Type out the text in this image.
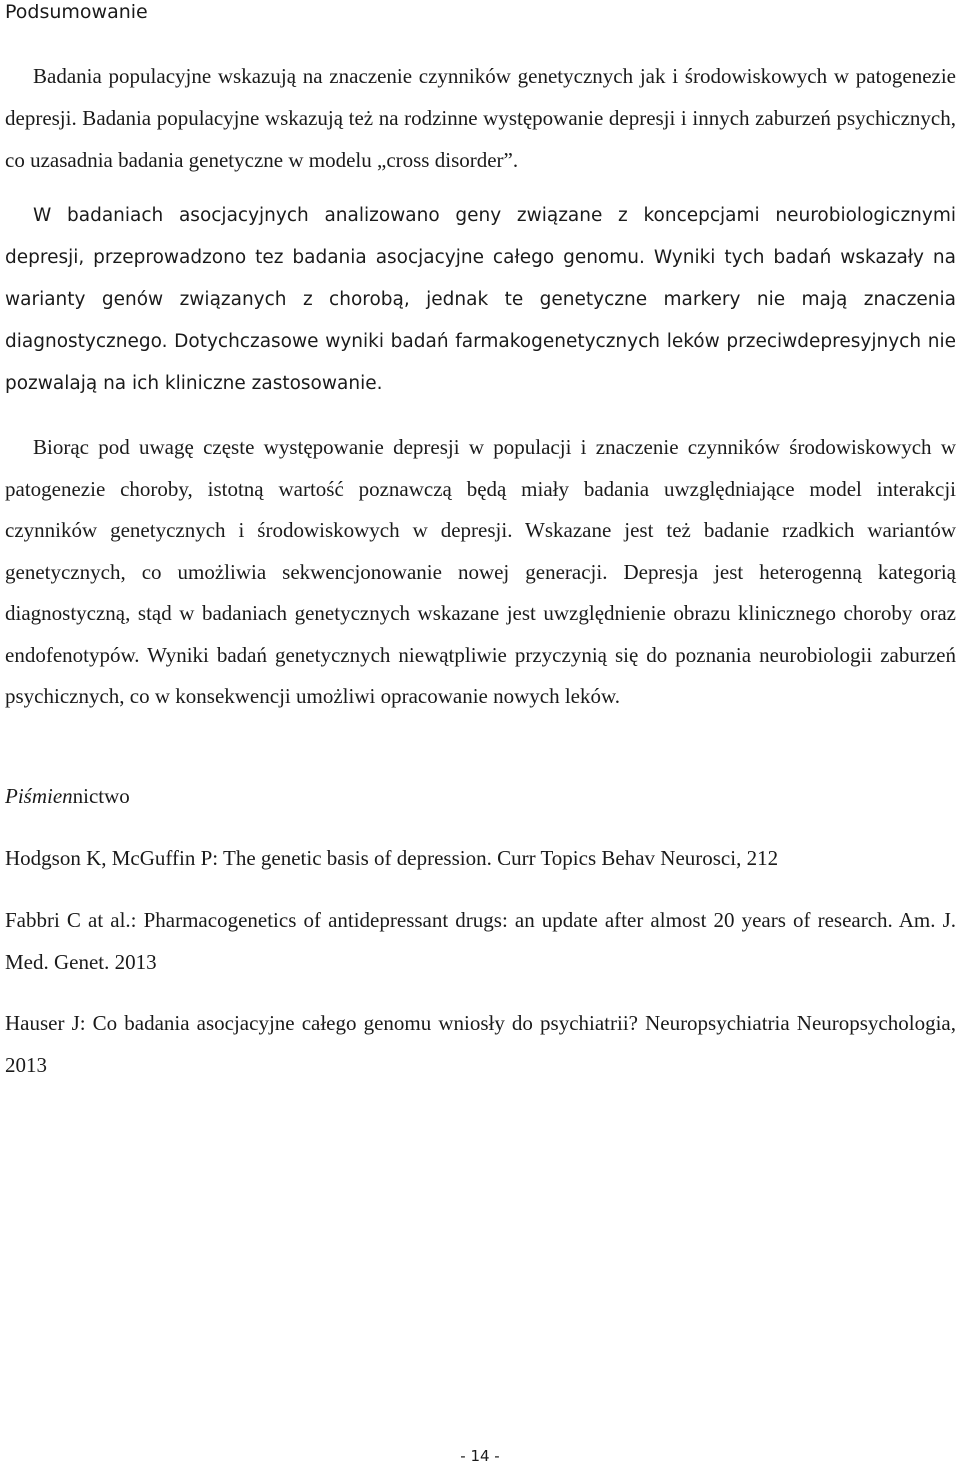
Podsumowanie

Badania populacyjne wskazują na znaczenie czynników genetycznych jak i środowiskowych w patogenezie depresji. Badania populacyjne wskazują też na rodzinne występowanie depresji i innych zaburzeń psychicznych, co uzasadnia badania genetyczne w modelu „cross disorder”.

W badaniach asocjacyjnych analizowano geny związane z koncepcjami neurobiologicznymi depresji, przeprowadzono tez badania asocjacyjne całego genomu. Wyniki tych badań wskazały na warianty genów związanych z chorobą, jednak te genetyczne markery nie mają znaczenia diagnostycznego. Dotychczasowe wyniki badań farmakogenetycznych leków przeciwdepresyjnych nie pozwalają na ich kliniczne zastosowanie.

Biorąc pod uwagę częste występowanie depresji w populacji i znaczenie czynników środowiskowych w patogenezie choroby, istotną wartość poznawczą będą miały badania uwzględniające model interakcji czynników genetycznych i środowiskowych w depresji. Wskazane jest też badanie rzadkich wariantów genetycznych, co umożliwia sekwencjonowanie nowej generacji. Depresja jest heterogenną kategorią diagnostyczną, stąd w badaniach genetycznych wskazane jest uwzględnienie obrazu klinicznego choroby oraz endofenotypów. Wyniki badań genetycznych niewątpliwie przyczynią się do poznania neurobiologii zaburzeń psychicznych, co w konsekwencji umożliwi opracowanie nowych leków.

Piśmiennictwo

Hodgson K, McGuffin P: The genetic basis of depression. Curr Topics Behav Neurosci, 212

Fabbri C at al.: Pharmacogenetics of antidepressant drugs: an update after almost 20 years of research. Am. J. Med. Genet. 2013

Hauser J: Co badania asocjacyjne całego genomu wniosły do psychiatrii? Neuropsychiatria Neuropsychologia, 2013

- 14 -
